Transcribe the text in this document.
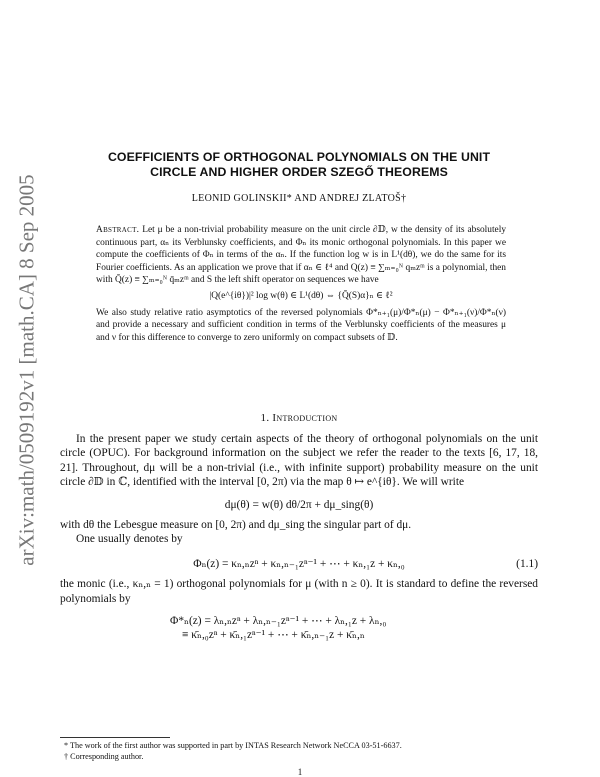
arXiv:math/0509192v1 [math.CA] 8 Sep 2005
COEFFICIENTS OF ORTHOGONAL POLYNOMIALS ON THE UNIT
CIRCLE AND HIGHER ORDER SZEGŐ THEOREMS
LEONID GOLINSKII* AND ANDREJ ZLATOŠ†

Abstract. Let μ be a non-trivial probability measure on the unit circle ∂𝔻, w the density of its absolutely continuous part, αₙ its Verblunsky coefficients, and Φₙ its monic orthogonal polynomials. In this paper we compute the coefficients of Φₙ in terms of the αₙ. If the function log w is in L¹(dθ), we do the same for its Fourier coefficients. As an application we prove that if αₙ ∈ ℓ⁴ and Q(z) ≡ ∑ₘ₌₀ᴺ qₘzᵐ is a polynomial, then with Q̄(z) ≡ ∑ₘ₌₀ᴺ q̄ₘzᵐ and S the left shift operator on sequences we have

|Q(e^{iθ})|² log w(θ) ∈ L¹(dθ) ⇔ {Q̄(S)α}ₙ ∈ ℓ²

We also study relative ratio asymptotics of the reversed polynomials Φ*ₙ₊₁(μ)/Φ*ₙ(μ) − Φ*ₙ₊₁(ν)/Φ*ₙ(ν) and provide a necessary and sufficient condition in terms of the Verblunsky coefficients of the measures μ and ν for this difference to converge to zero uniformly on compact subsets of 𝔻.

1. Introduction

In the present paper we study certain aspects of the theory of orthogonal polynomials on the unit circle (OPUC). For background information on the subject we refer the reader to the texts [6, 17, 18, 21]. Throughout, dμ will be a non-trivial (i.e., with infinite support) probability measure on the unit circle ∂𝔻 in ℂ, identified with the interval [0, 2π) via the map θ ↦ e^{iθ}. We will write

dμ(θ) = w(θ) dθ/2π + dμ_sing(θ)

with dθ the Lebesgue measure on [0, 2π) and dμ_sing the singular part of dμ.

One usually denotes by

Φₙ(z) = κₙ,ₙzⁿ + κₙ,ₙ₋₁zⁿ⁻¹ + ⋯ + κₙ,₁z + κₙ,₀	(1.1)

the monic (i.e., κₙ,ₙ = 1) orthogonal polynomials for μ (with n ≥ 0). It is standard to define the reversed polynomials by

Φ*ₙ(z) = λₙ,ₙzⁿ + λₙ,ₙ₋₁zⁿ⁻¹ + ⋯ + λₙ,₁z + λₙ,₀
≡ κ̄ₙ,₀zⁿ + κ̄ₙ,₁zⁿ⁻¹ + ⋯ + κ̄ₙ,ₙ₋₁z + κ̄ₙ,ₙ
* The work of the first author was supported in part by INTAS Research Network NeCCA 03-51-6637.
† Corresponding author.
1
